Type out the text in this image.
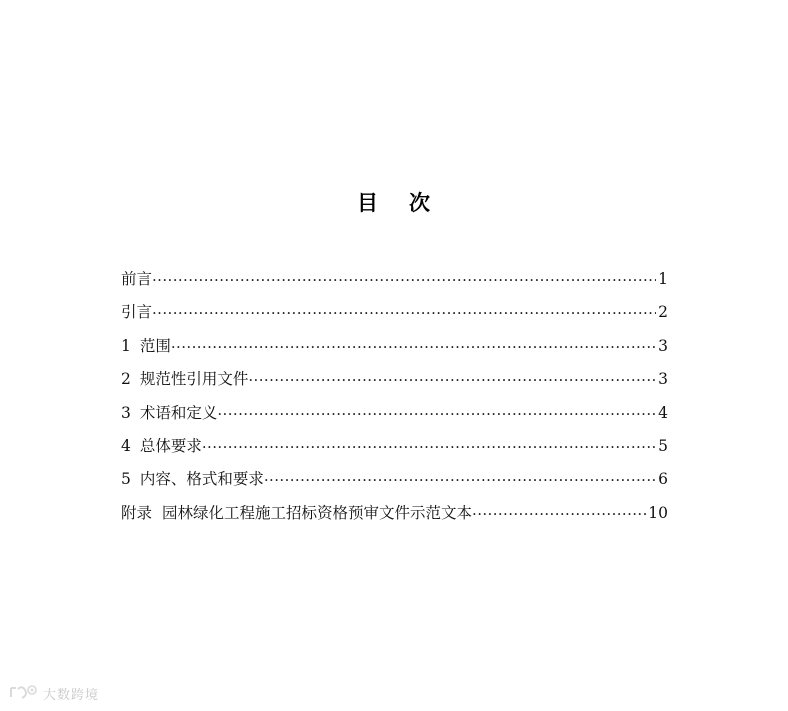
目 次
前言 .....	1
引言 .....	2
1 范围 .....	3
2 规范性引用文件 .....	3
3 术语和定义 .....	4
4 总体要求 .....	5
5 内容、格式和要求 .....	6
附录 园林绿化工程施工招标资格预审文件示范文本 .....	10
大数跨境
